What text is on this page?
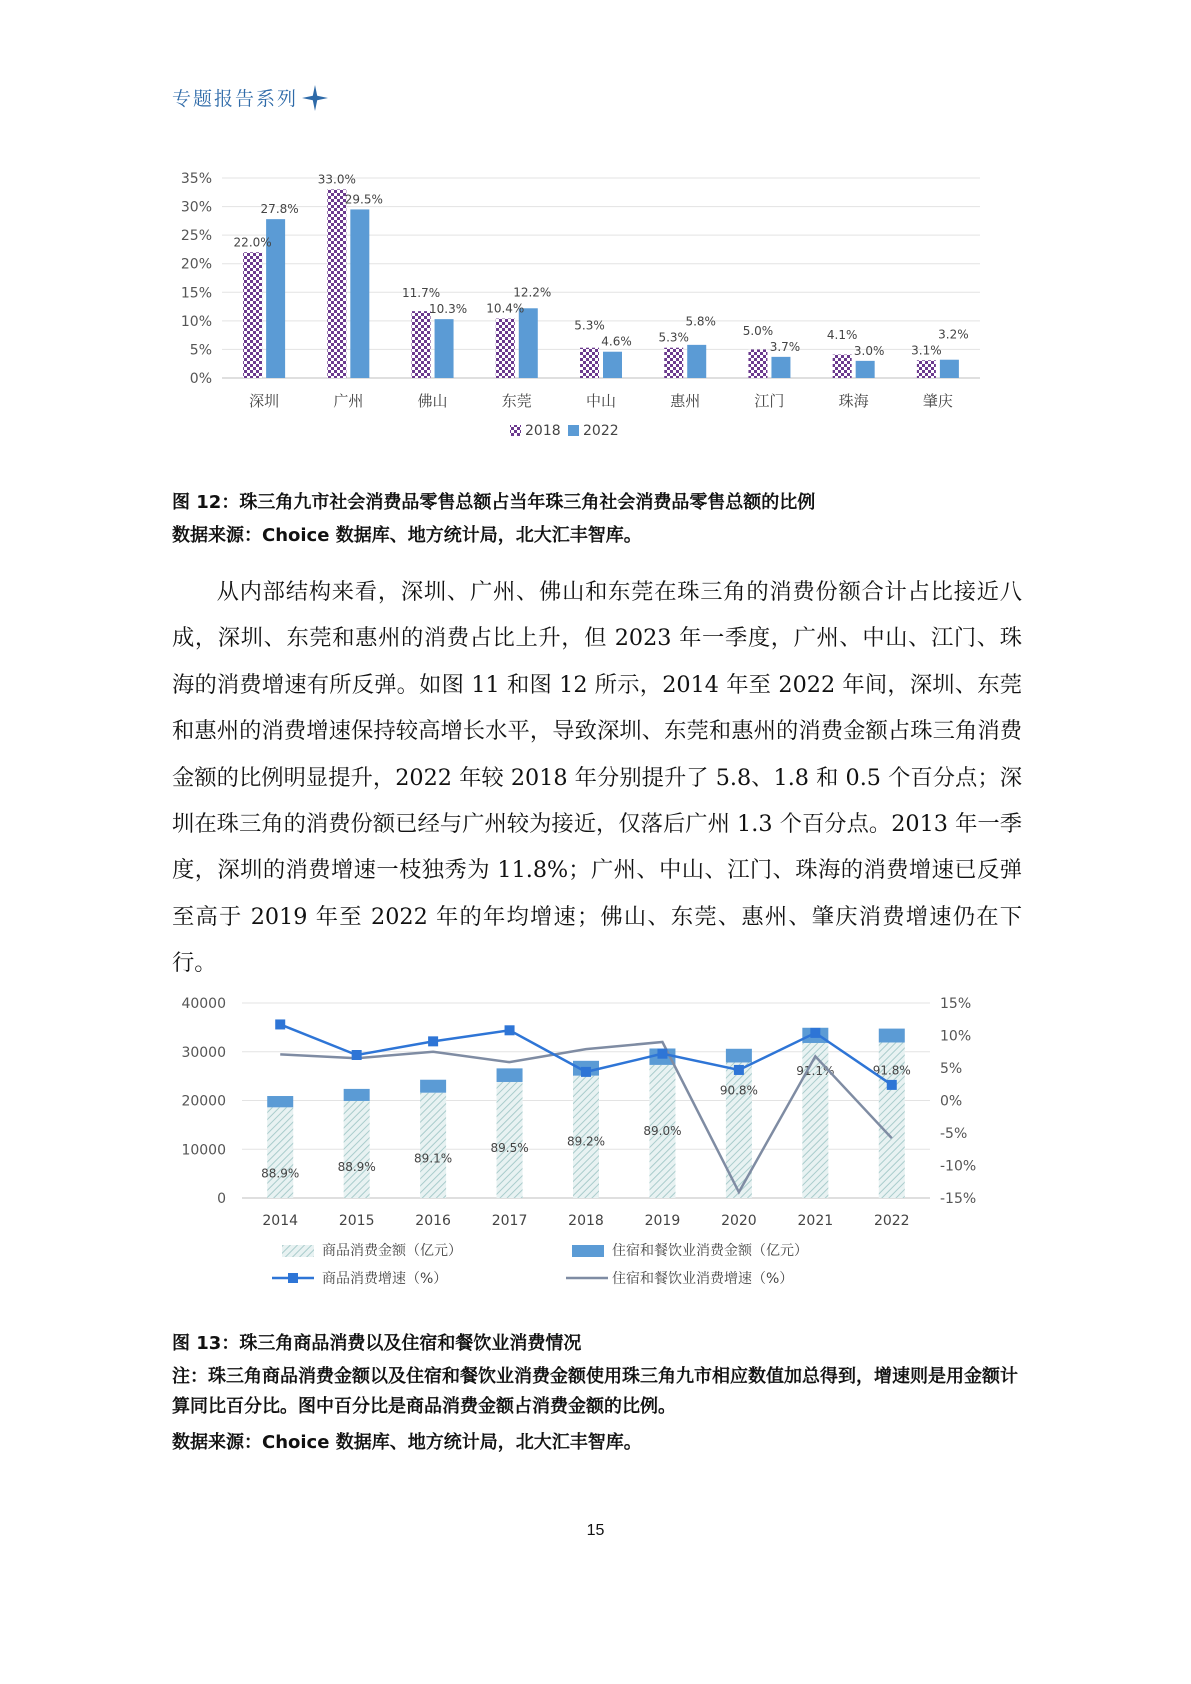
专题报告系列
0%
5%
10%
15%
20%
25%
30%
35%
22.0%
27.8%
深圳
33.0%
29.5%
广州
11.7%
10.3%
佛山
10.4%
12.2%
东莞
5.3%
4.6%
中山
5.3%
5.8%
惠州
5.0%
3.7%
江门
4.1%
3.0%
珠海
3.1%
3.2%
肇庆
2018 2022
图 12：珠三角九市社会消费品零售总额占当年珠三角社会消费品零售总额的比例
数据来源：Choice 数据库、地方统计局，北大汇丰智库。

从内部结构来看，深圳、广州、佛山和东莞在珠三角的消费份额合计占比接近八成，深圳、东莞和惠州的消费占比上升，但 2023 年一季度，广州、中山、江门、珠海的消费增速有所反弹。如图 11 和图 12 所示，2014 年至 2022 年间，深圳、东莞和惠州的消费增速保持较高增长水平，导致深圳、东莞和惠州的消费金额占珠三角消费金额的比例明显提升，2022 年较 2018 年分别提升了 5.8、1.8 和 0.5 个百分点；深圳在珠三角的消费份额已经与广州较为接近，仅落后广州 1.3 个百分点。2013 年一季度，深圳的消费增速一枝独秀为 11.8%；广州、中山、江门、珠海的消费增速已反弹至高于 2019 年至 2022 年的年均增速；佛山、东莞、惠州、肇庆消费增速仍在下行。

0
10000
20000
30000
40000
-15%
-10%
-5%
0%
5%
10%
15%
88.9%
2014
88.9%
2015
89.1%
2016
89.5%
2017
89.2%
2018
89.0%
2019
90.8%
2020
91.1%
2021
91.8%
2022
商品消费金额（亿元）	住宿和餐饮业消费金额（亿元）
商品消费增速（%）	住宿和餐饮业消费增速（%）
图 13：珠三角商品消费以及住宿和餐饮业消费情况
注：珠三角商品消费金额以及住宿和餐饮业消费金额使用珠三角九市相应数值加总得到，增速则是用金额计算同比百分比。图中百分比是商品消费金额占消费金额的比例。
数据来源：Choice 数据库、地方统计局，北大汇丰智库。
15
